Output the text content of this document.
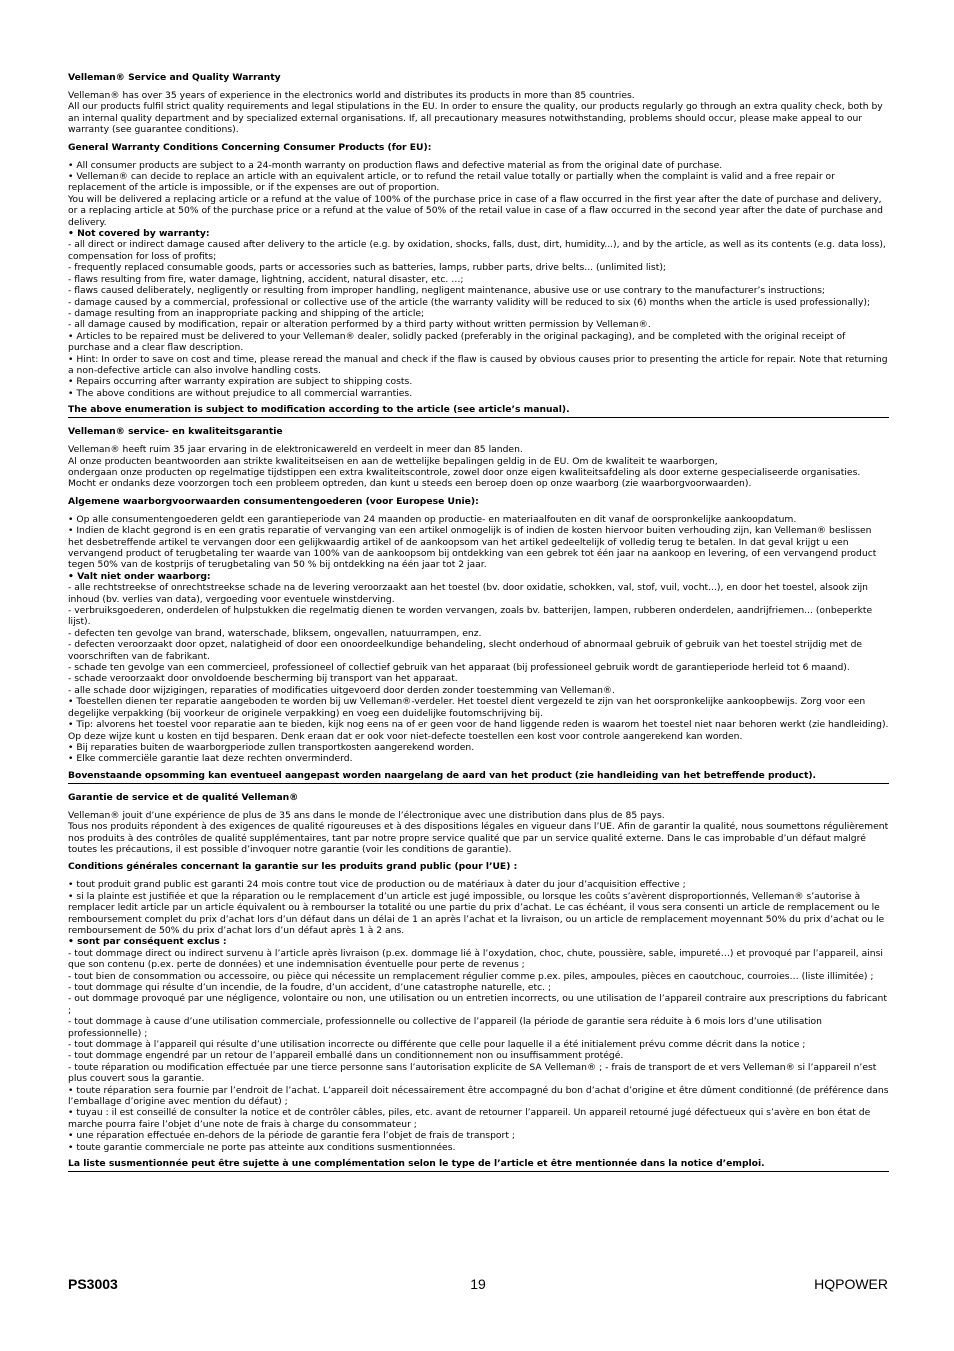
Velleman® Service and Quality Warranty

Velleman® has over 35 years of experience in the electronics world and distributes its products in more than 85 countries.
All our products fulfil strict quality requirements and legal stipulations in the EU. In order to ensure the quality, our products regularly go through an extra quality check, both by an internal quality department and by specialized external organisations. If, all precautionary measures notwithstanding, problems should occur, please make appeal to our warranty (see guarantee conditions).

General Warranty Conditions Concerning Consumer Products (for EU):
• All consumer products are subject to a 24-month warranty on production flaws and defective material as from the original date of purchase.
• Velleman® can decide to replace an article with an equivalent article, or to refund the retail value totally or partially when the complaint is valid and a free repair or replacement of the article is impossible, or if the expenses are out of proportion.
You will be delivered a replacing article or a refund at the value of 100% of the purchase price in case of a flaw occurred in the first year after the date of purchase and delivery, or a replacing article at 50% of the purchase price or a refund at the value of 50% of the retail value in case of a flaw occurred in the second year after the date of purchase and delivery.
• Not covered by warranty:
- all direct or indirect damage caused after delivery to the article (e.g. by oxidation, shocks, falls, dust, dirt, humidity...), and by the article, as well as its contents (e.g. data loss), compensation for loss of profits;
- frequently replaced consumable goods, parts or accessories such as batteries, lamps, rubber parts, drive belts... (unlimited list);
- flaws resulting from fire, water damage, lightning, accident, natural disaster, etc. …;
- flaws caused deliberately, negligently or resulting from improper handling, negligent maintenance, abusive use or use contrary to the manufacturer’s instructions;
- damage caused by a commercial, professional or collective use of the article (the warranty validity will be reduced to six (6) months when the article is used professionally);
- damage resulting from an inappropriate packing and shipping of the article;
- all damage caused by modification, repair or alteration performed by a third party without written permission by Velleman®.
• Articles to be repaired must be delivered to your Velleman® dealer, solidly packed (preferably in the original packaging), and be completed with the original receipt of purchase and a clear flaw description.
• Hint: In order to save on cost and time, please reread the manual and check if the flaw is caused by obvious causes prior to presenting the article for repair. Note that returning a non-defective article can also involve handling costs.
• Repairs occurring after warranty expiration are subject to shipping costs.
• The above conditions are without prejudice to all commercial warranties.
The above enumeration is subject to modification according to the article (see article’s manual).
Velleman® service- en kwaliteitsgarantie

Velleman® heeft ruim 35 jaar ervaring in de elektronicawereld en verdeelt in meer dan 85 landen.
Al onze producten beantwoorden aan strikte kwaliteitseisen en aan de wettelijke bepalingen geldig in de EU. Om de kwaliteit te waarborgen,
ondergaan onze producten op regelmatige tijdstippen een extra kwaliteitscontrole, zowel door onze eigen kwaliteitsafdeling als door externe gespecialiseerde organisaties. Mocht er ondanks deze voorzorgen toch een probleem optreden, dan kunt u steeds een beroep doen op onze waarborg (zie waarborgvoorwaarden).

Algemene waarborgvoorwaarden consumentengoederen (voor Europese Unie):
• Op alle consumentengoederen geldt een garantieperiode van 24 maanden op productie- en materiaalfouten en dit vanaf de oorspronkelijke aankoopdatum.
• Indien de klacht gegrond is en een gratis reparatie of vervanging van een artikel onmogelijk is of indien de kosten hiervoor buiten verhouding zijn, kan Velleman® beslissen het desbetreffende artikel te vervangen door een gelijkwaardig artikel of de aankoopsom van het artikel gedeeltelijk of volledig terug te betalen. In dat geval krijgt u een vervangend product of terugbetaling ter waarde van 100% van de aankoopsom bij ontdekking van een gebrek tot één jaar na aankoop en levering, of een vervangend product tegen 50% van de kostprijs of terugbetaling van 50 % bij ontdekking na één jaar tot 2 jaar.
• Valt niet onder waarborg:
- alle rechtstreekse of onrechtstreekse schade na de levering veroorzaakt aan het toestel (bv. door oxidatie, schokken, val, stof, vuil, vocht...), en door het toestel, alsook zijn inhoud (bv. verlies van data), vergoeding voor eventuele winstderving.
- verbruiksgoederen, onderdelen of hulpstukken die regelmatig dienen te worden vervangen, zoals bv. batterijen, lampen, rubberen onderdelen, aandrijfriemen... (onbeperkte lijst).
- defecten ten gevolge van brand, waterschade, bliksem, ongevallen, natuurrampen, enz.
- defecten veroorzaakt door opzet, nalatigheid of door een onoordeelkundige behandeling, slecht onderhoud of abnormaal gebruik of gebruik van het toestel strijdig met de voorschriften van de fabrikant.
- schade ten gevolge van een commercieel, professioneel of collectief gebruik van het apparaat (bij professioneel gebruik wordt de garantieperiode herleid tot 6 maand).
- schade veroorzaakt door onvoldoende bescherming bij transport van het apparaat.
- alle schade door wijzigingen, reparaties of modificaties uitgevoerd door derden zonder toestemming van Velleman®.
• Toestellen dienen ter reparatie aangeboden te worden bij uw Velleman®-verdeler. Het toestel dient vergezeld te zijn van het oorspronkelijke aankoopbewijs. Zorg voor een degelijke verpakking (bij voorkeur de originele verpakking) en voeg een duidelijke foutomschrijving bij.
• Tip: alvorens het toestel voor reparatie aan te bieden, kijk nog eens na of er geen voor de hand liggende reden is waarom het toestel niet naar behoren werkt (zie handleiding). Op deze wijze kunt u kosten en tijd besparen. Denk eraan dat er ook voor niet-defecte toestellen een kost voor controle aangerekend kan worden.
• Bij reparaties buiten de waarborgperiode zullen transportkosten aangerekend worden.
• Elke commerciële garantie laat deze rechten onverminderd.
Bovenstaande opsomming kan eventueel aangepast worden naargelang de aard van het product (zie handleiding van het betreffende product).
Garantie de service et de qualité Velleman®

Velleman® jouit d’une expérience de plus de 35 ans dans le monde de l’électronique avec une distribution dans plus de 85 pays.
Tous nos produits répondent à des exigences de qualité rigoureuses et à des dispositions légales en vigueur dans l’UE. Afin de garantir la qualité, nous soumettons régulièrement nos produits à des contrôles de qualité supplémentaires, tant par notre propre service qualité que par un service qualité externe. Dans le cas improbable d’un défaut malgré toutes les précautions, il est possible d’invoquer notre garantie (voir les conditions de garantie).

Conditions générales concernant la garantie sur les produits grand public (pour l’UE) :
• tout produit grand public est garanti 24 mois contre tout vice de production ou de matériaux à dater du jour d’acquisition effective ;
• si la plainte est justifiée et que la réparation ou le remplacement d’un article est jugé impossible, ou lorsque les coûts s’avèrent disproportionnés, Velleman® s’autorise à remplacer ledit article par un article équivalent ou à rembourser la totalité ou une partie du prix d’achat. Le cas échéant, il vous sera consenti un article de remplacement ou le remboursement complet du prix d’achat lors d’un défaut dans un délai de 1 an après l’achat et la livraison, ou un article de remplacement moyennant 50% du prix d’achat ou le remboursement de 50% du prix d’achat lors d’un défaut après 1 à 2 ans.
• sont par conséquent exclus :
- tout dommage direct ou indirect survenu à l’article après livraison (p.ex. dommage lié à l’oxydation, choc, chute, poussière, sable, impureté…) et provoqué par l’appareil, ainsi que son contenu (p.ex. perte de données) et une indemnisation éventuelle pour perte de revenus ;
- tout bien de consommation ou accessoire, ou pièce qui nécessite un remplacement régulier comme p.ex. piles, ampoules, pièces en caoutchouc, courroies… (liste illimitée) ;
- tout dommage qui résulte d’un incendie, de la foudre, d’un accident, d’une catastrophe naturelle, etc. ;
- out dommage provoqué par une négligence, volontaire ou non, une utilisation ou un entretien incorrects, ou une utilisation de l’appareil contraire aux prescriptions du fabricant ;
- tout dommage à cause d’une utilisation commerciale, professionnelle ou collective de l’appareil (la période de garantie sera réduite à 6 mois lors d’une utilisation professionnelle) ;
- tout dommage à l’appareil qui résulte d’une utilisation incorrecte ou différente que celle pour laquelle il a été initialement prévu comme décrit dans la notice ;
- tout dommage engendré par un retour de l’appareil emballé dans un conditionnement non ou insuffisamment protégé.
- toute réparation ou modification effectuée par une tierce personne sans l’autorisation explicite de SA Velleman® ; - frais de transport de et vers Velleman® si l’appareil n’est plus couvert sous la garantie.
• toute réparation sera fournie par l’endroit de l’achat. L’appareil doit nécessairement être accompagné du bon d’achat d’origine et être dûment conditionné (de préférence dans l’emballage d’origine avec mention du défaut) ;
• tuyau : il est conseillé de consulter la notice et de contrôler câbles, piles, etc. avant de retourner l’appareil. Un appareil retourné jugé défectueux qui s’avère en bon état de marche pourra faire l’objet d’une note de frais à charge du consommateur ;
• une réparation effectuée en-dehors de la période de garantie fera l’objet de frais de transport ;
• toute garantie commerciale ne porte pas atteinte aux conditions susmentionnées.
La liste susmentionnée peut être sujette à une complémentation selon le type de l’article et être mentionnée dans la notice d’emploi.
PS3003	19	HQPOWER
